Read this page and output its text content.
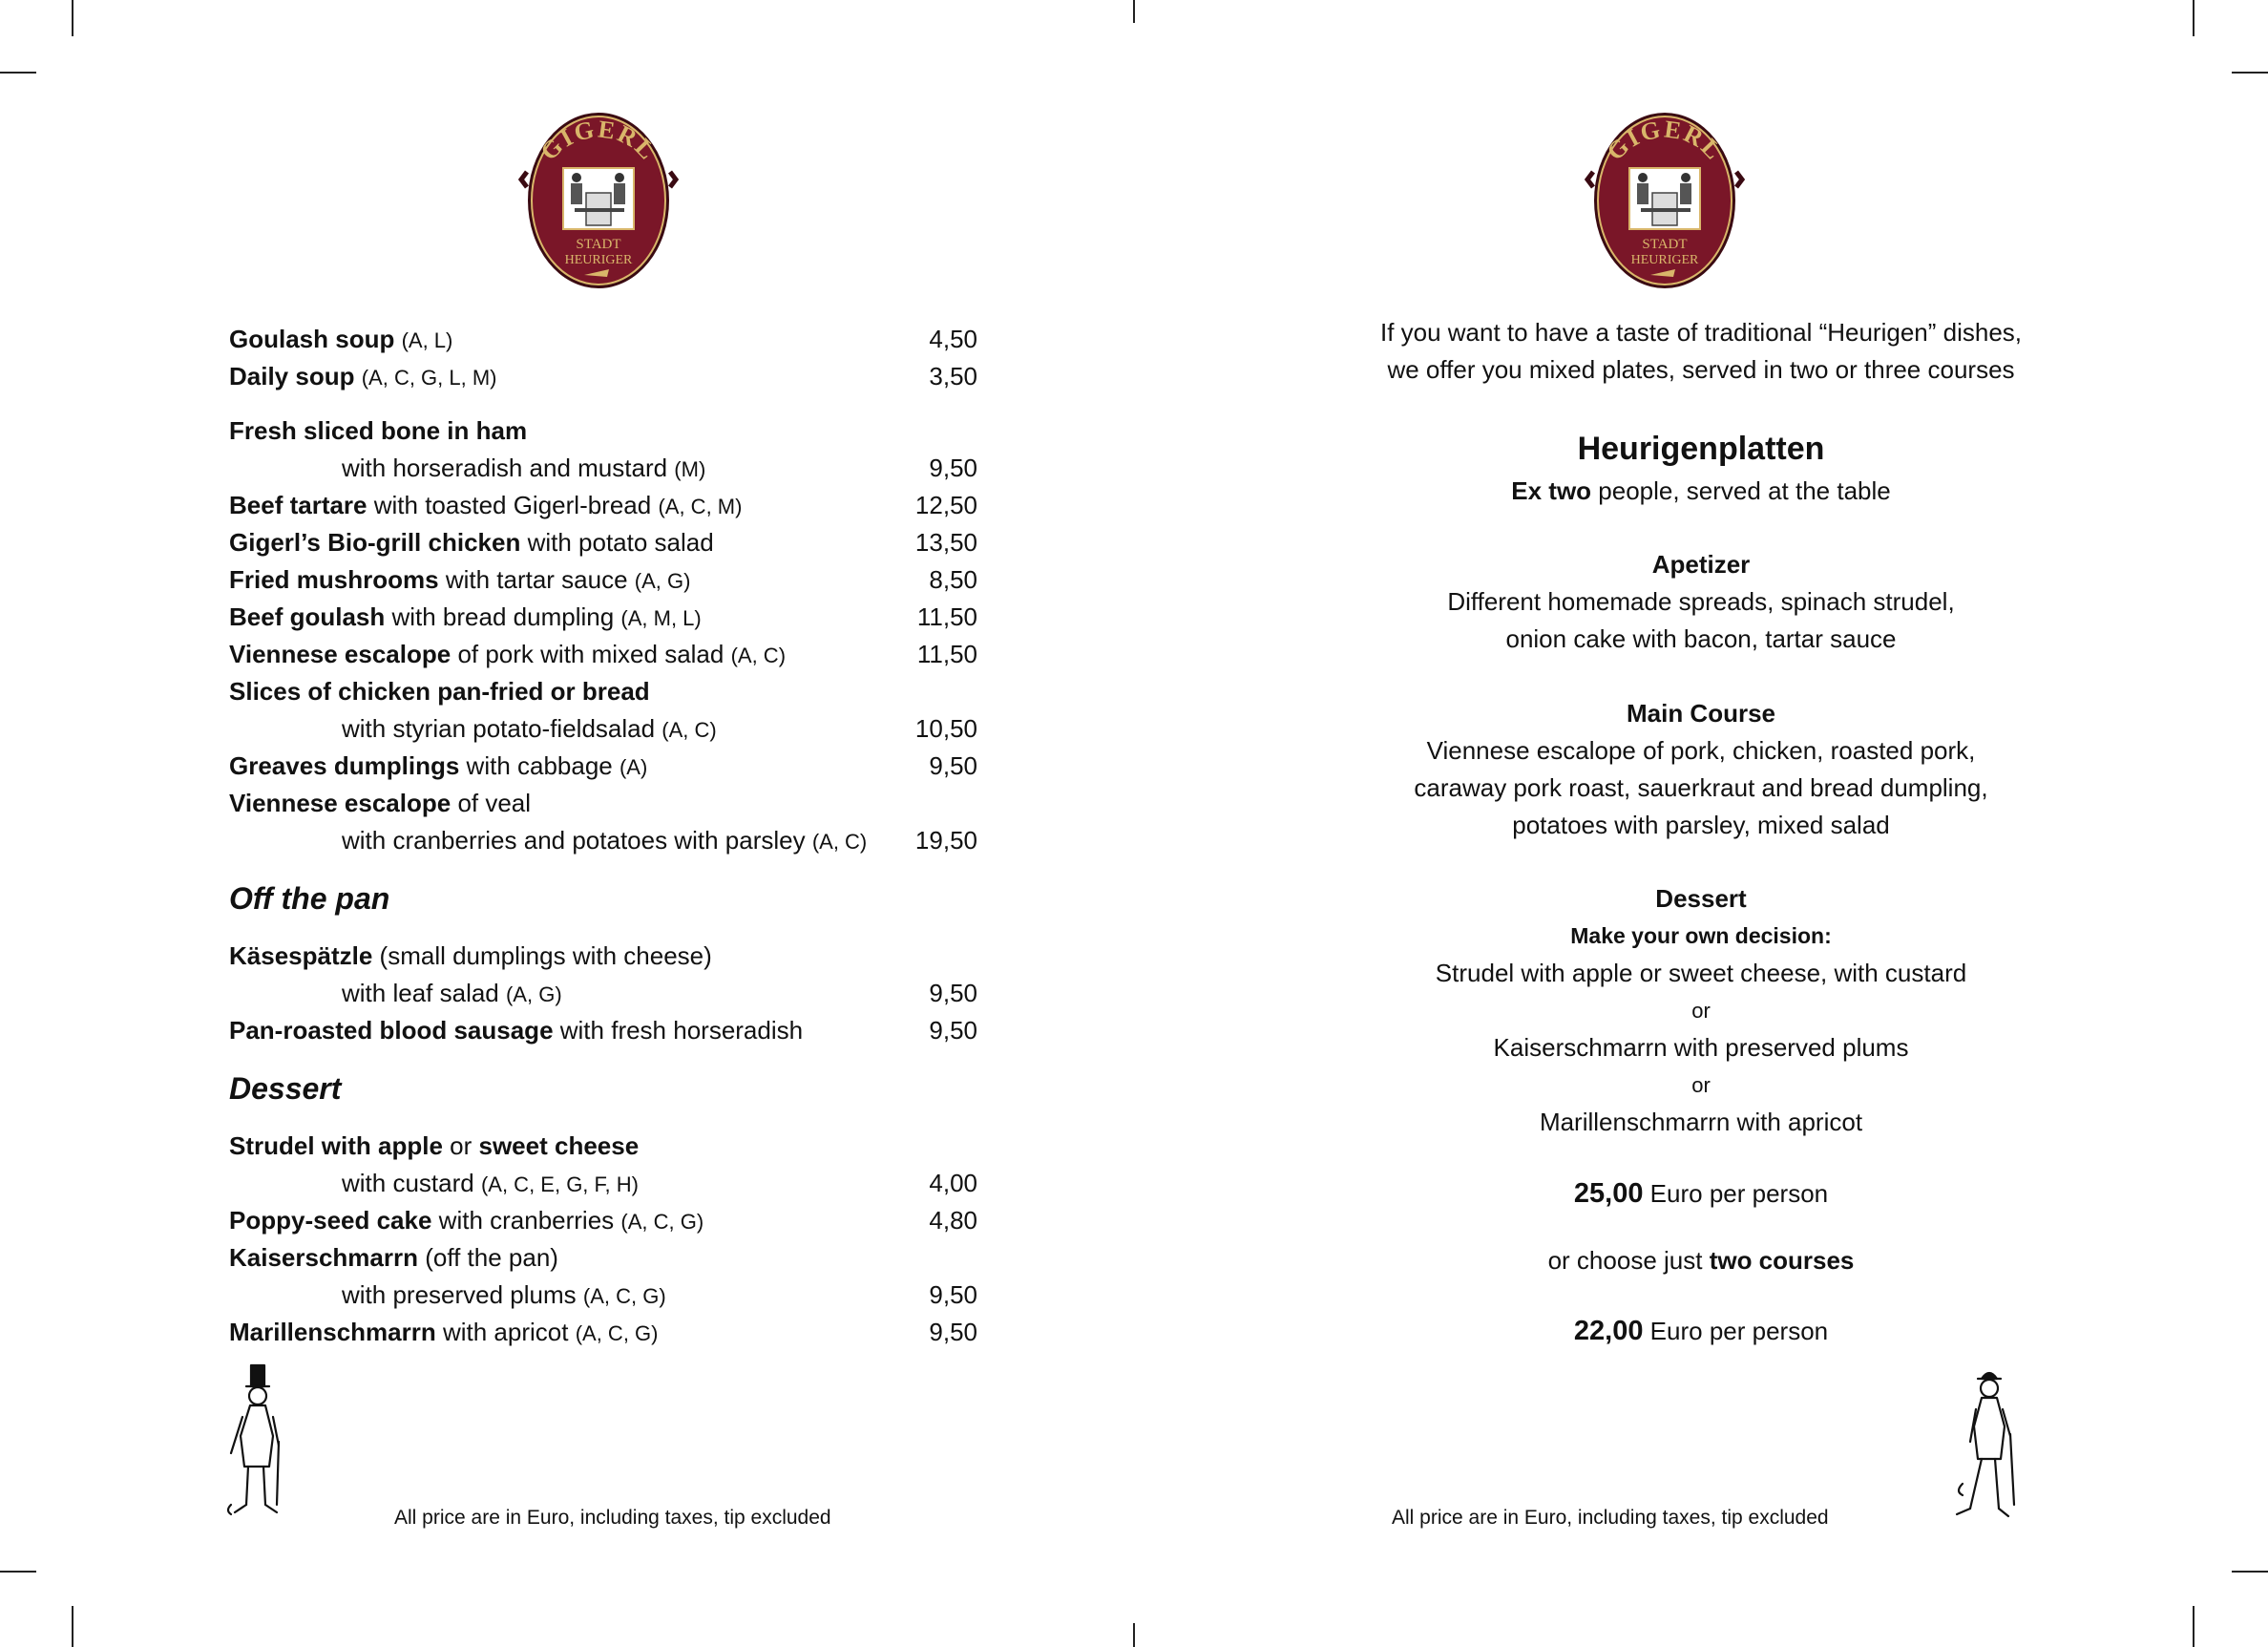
GIGERL
STADT
HEURIGER
Goulash soup (A, L)	4,50
Daily soup (A, C, G, L, M)	3,50
Fresh sliced bone in ham
with horseradish and mustard (M)	9,50
Beef tartare with toasted Gigerl-bread (A, C, M)	12,50
Gigerl’s Bio-grill chicken with potato salad	13,50
Fried mushrooms with tartar sauce (A, G)	8,50
Beef goulash with bread dumpling (A, M, L)	11,50
Viennese escalope of pork with mixed salad (A, C)	11,50
Slices of chicken pan-fried or bread
with styrian potato-fieldsalad (A, C)	10,50
Greaves dumplings with cabbage (A)	9,50
Viennese escalope of veal
with cranberries and potatoes with parsley (A, C) 19,50
Off the pan
Käsespätzle (small dumplings with cheese)
with leaf salad (A, G)	9,50
Pan-roasted blood sausage with fresh horseradish	9,50
Dessert
Strudel with apple or sweet cheese
with custard (A, C, E, G, F, H)	4,00
Poppy-seed cake with cranberries (A, C, G)	4,80
Kaiserschmarrn (off the pan)
with preserved plums (A, C, G)	9,50
Marillenschmarrn with apricot (A, C, G)	9,50
All price are in Euro, including taxes, tip excluded
GIGERL
STADT
HEURIGER
If you want to have a taste of traditional “Heurigen” dishes,
we offer you mixed plates, served in two or three courses
Heurigenplatten
Ex two people, served at the table
Apetizer
Different homemade spreads, spinach strudel,
onion cake with bacon, tartar sauce
Main Course
Viennese escalope of pork, chicken, roasted pork,
caraway pork roast, sauerkraut and bread dumpling,
potatoes with parsley, mixed salad
Dessert
Make your own decision:
Strudel with apple or sweet cheese, with custard
or
Kaiserschmarrn with preserved plums
or
Marillenschmarrn with apricot
25,00 Euro per person
or choose just two courses
22,00 Euro per person
All price are in Euro, including taxes, tip excluded
